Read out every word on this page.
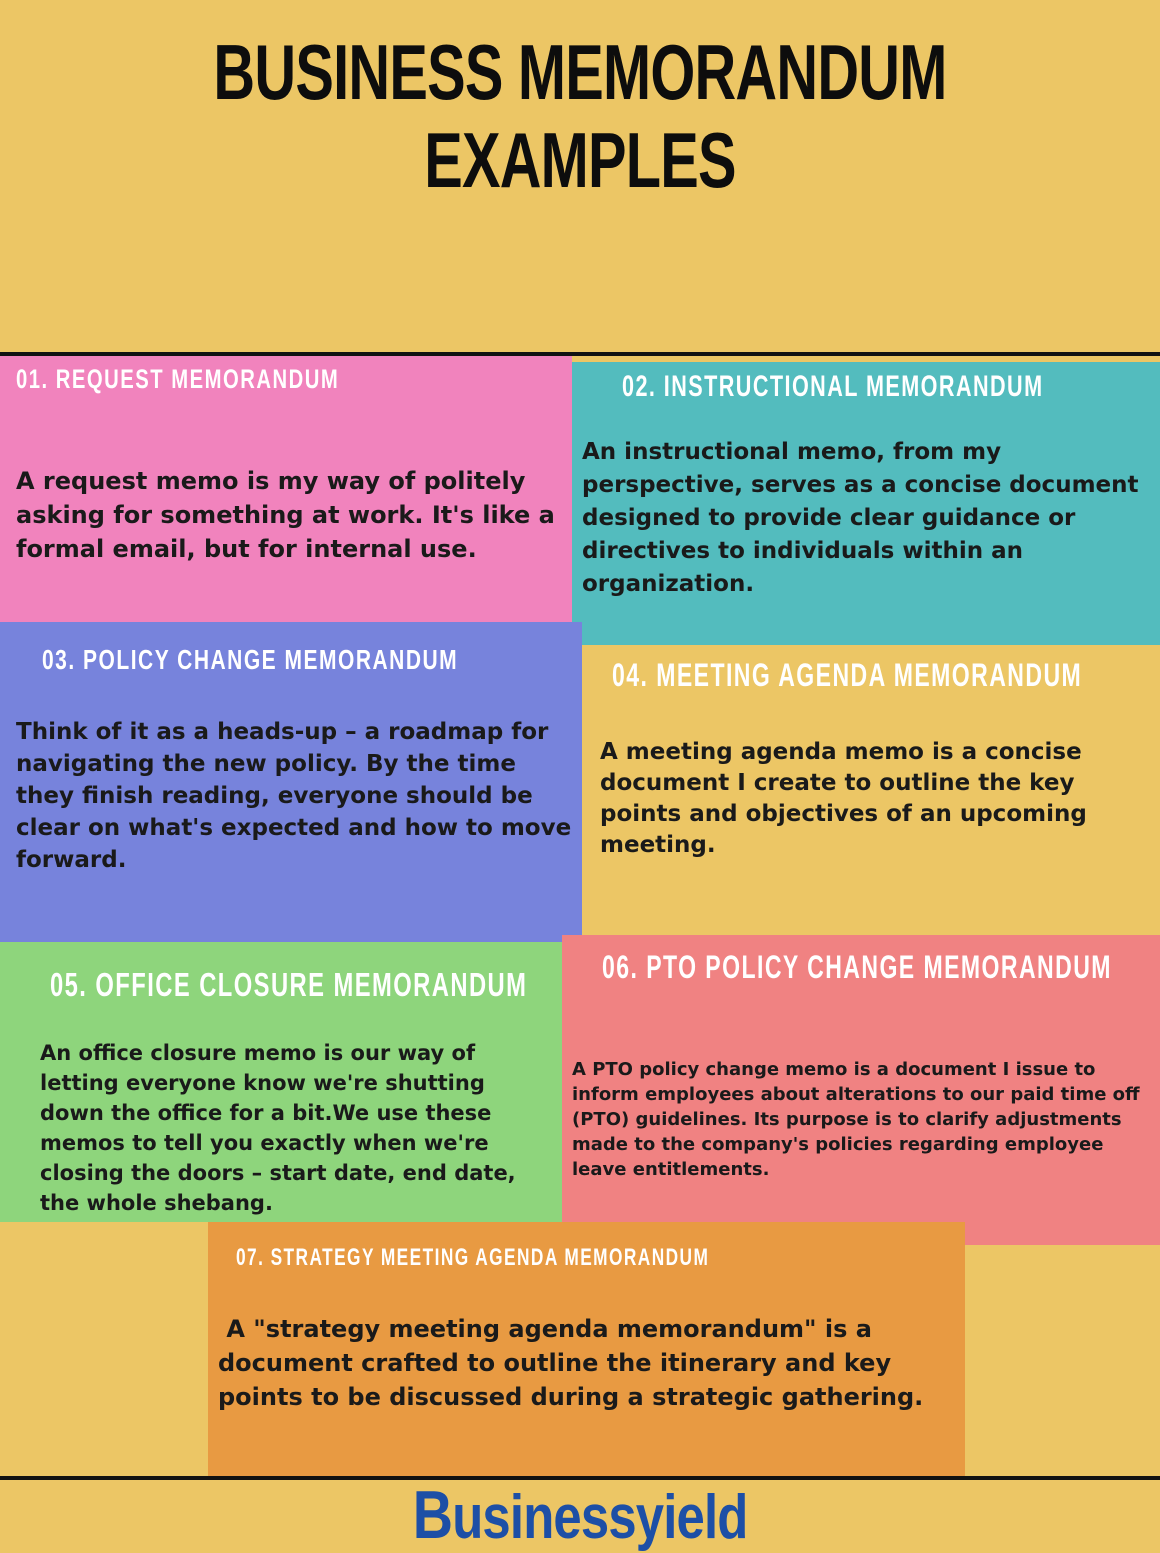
BUSINESS MEMORANDUM
EXAMPLES
01. REQUEST MEMORANDUM

A request memo is my way of politely asking for something at work. It's like a formal email, but for internal use.

02. INSTRUCTIONAL MEMORANDUM

An instructional memo, from my perspective, serves as a concise document designed to provide clear guidance or directives to individuals within an organization.

03. POLICY CHANGE MEMORANDUM

Think of it as a heads-up – a roadmap for navigating the new policy. By the time they finish reading, everyone should be clear on what's expected and how to move forward.

04. MEETING AGENDA MEMORANDUM

A meeting agenda memo is a concise document I create to outline the key points and objectives of an upcoming meeting.

05. OFFICE CLOSURE MEMORANDUM

An office closure memo is our way of letting everyone know we're shutting down the office for a bit.We use these memos to tell you exactly when we're closing the doors – start date, end date, the whole shebang.

06. PTO POLICY CHANGE MEMORANDUM

A PTO policy change memo is a document I issue to inform employees about alterations to our paid time off (PTO) guidelines. Its purpose is to clarify adjustments made to the company's policies regarding employee leave entitlements.

07. STRATEGY MEETING AGENDA MEMORANDUM

A "strategy meeting agenda memorandum" is a document crafted to outline the itinerary and key points to be discussed during a strategic gathering.

Businessyield
